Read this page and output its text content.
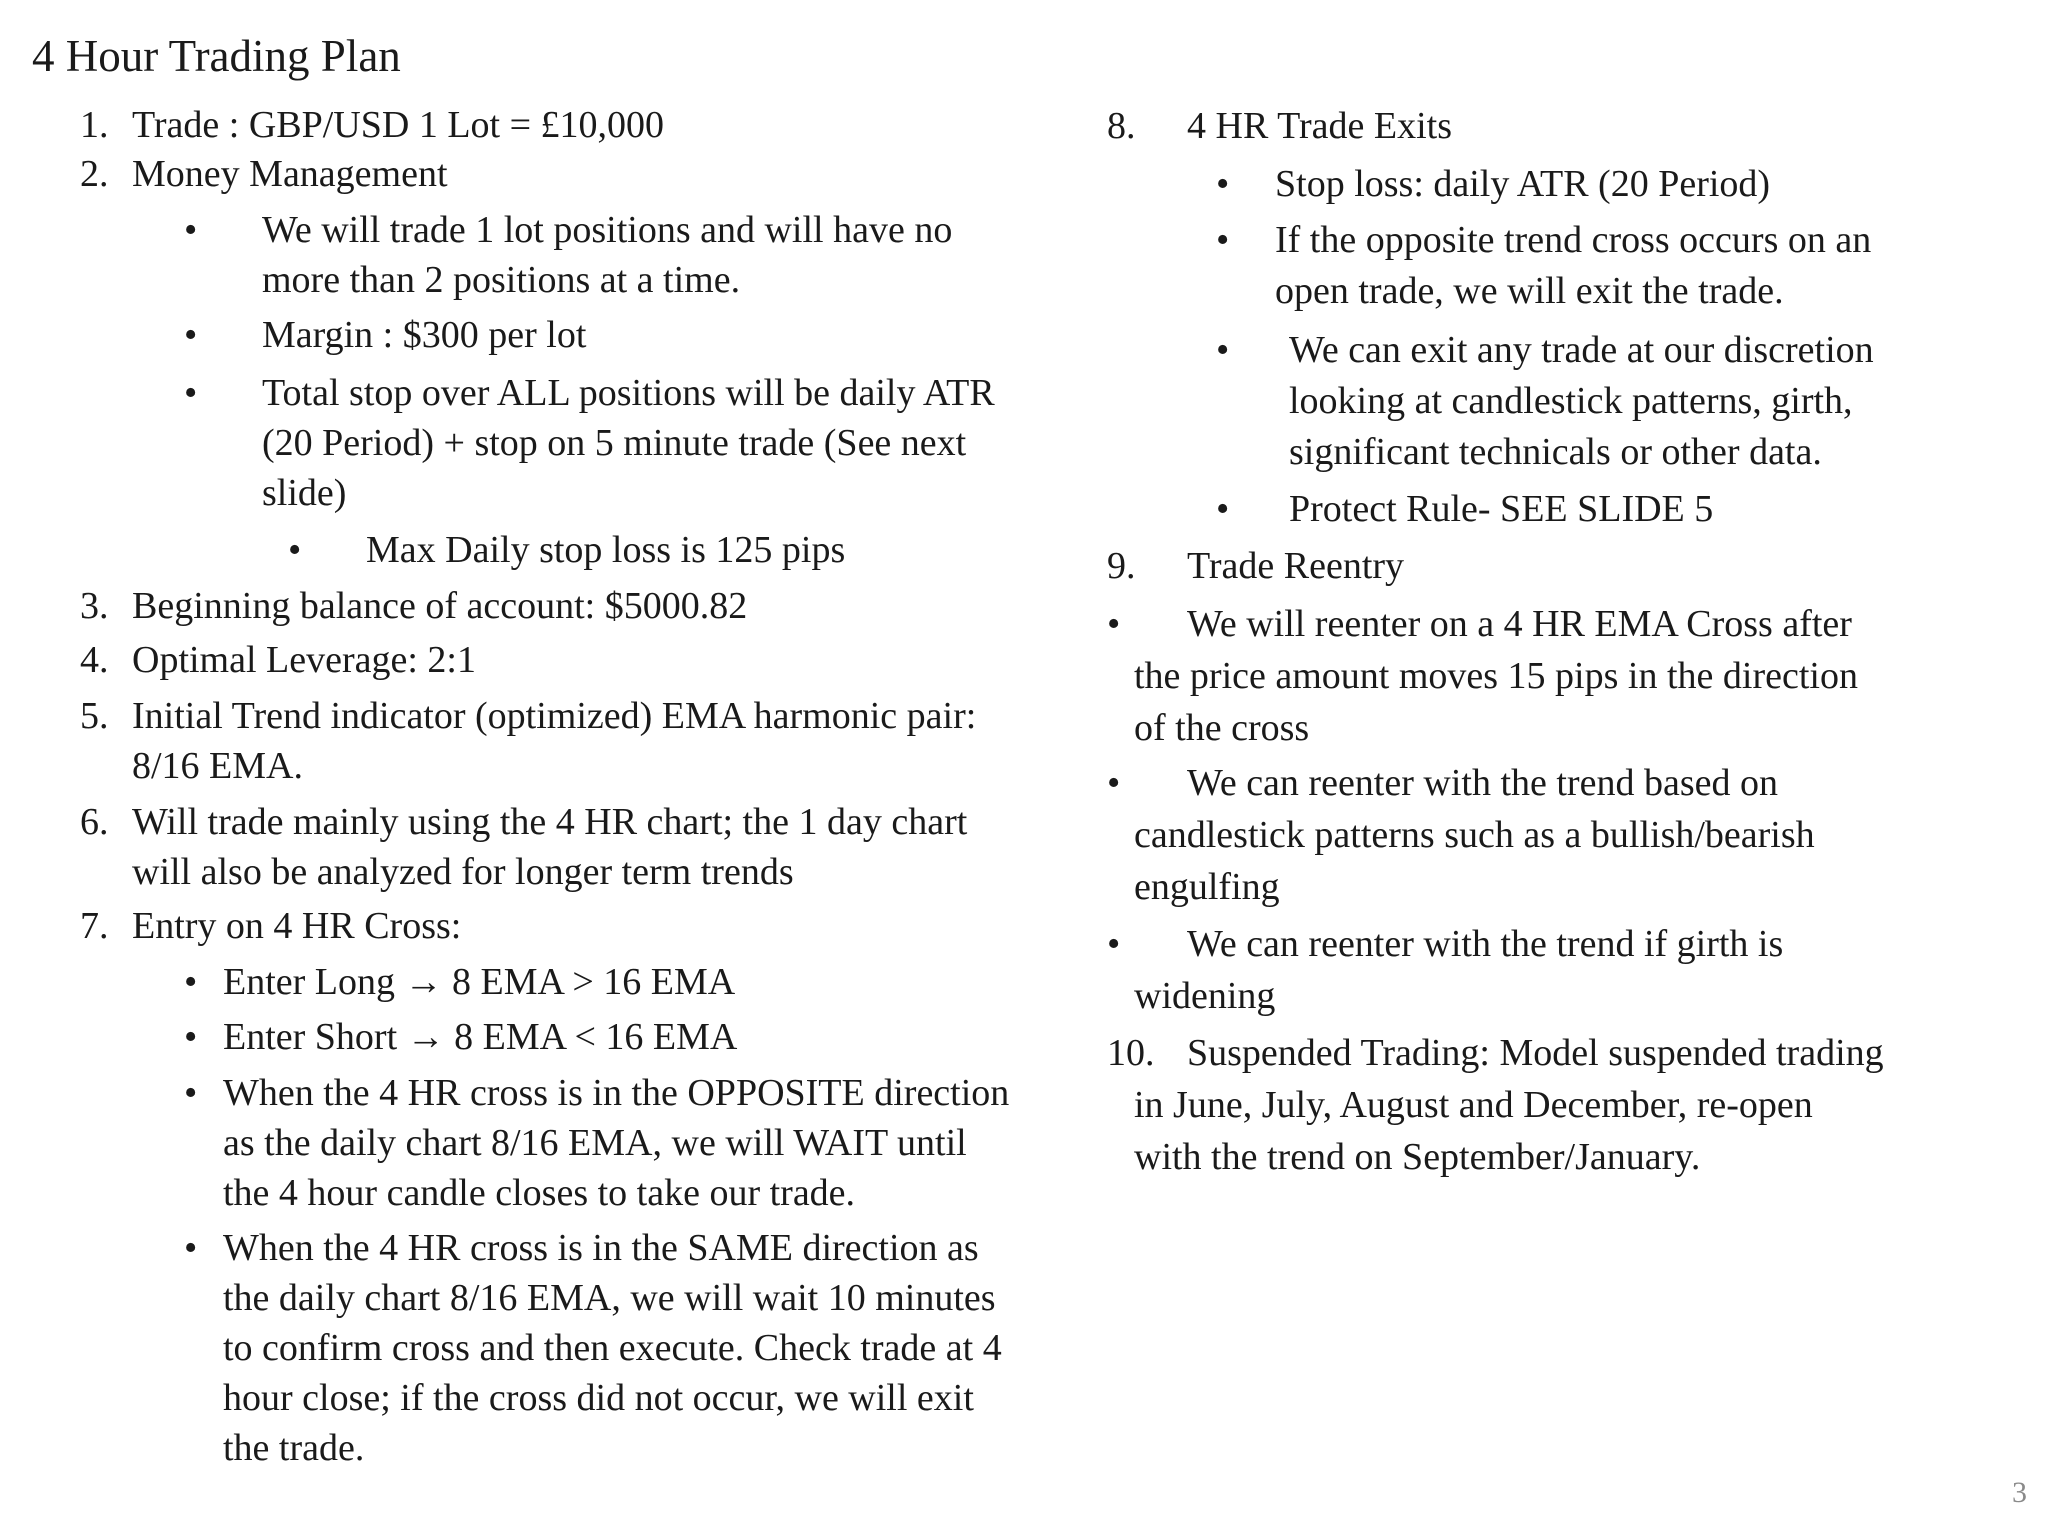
4 Hour Trading Plan
1. Trade : GBP/USD 1 Lot = £10,000
2. Money Management
• We will trade 1 lot positions and will have no
more than 2 positions at a time.
• Margin : $300 per lot
• Total stop over ALL positions will be daily ATR
(20 Period) + stop on 5 minute trade (See next
slide)
• Max Daily stop loss is 125 pips
3. Beginning balance of account: $5000.82
4. Optimal Leverage: 2:1
5. Initial Trend indicator (optimized) EMA harmonic pair:
8/16 EMA.
6. Will trade mainly using the 4 HR chart; the 1 day chart
will also be analyzed for longer term trends
7. Entry on 4 HR Cross:
• Enter Long → 8 EMA > 16 EMA
• Enter Short → 8 EMA < 16 EMA
• When the 4 HR cross is in the OPPOSITE direction
as the daily chart 8/16 EMA, we will WAIT until
the 4 hour candle closes to take our trade.
• When the 4 HR cross is in the SAME direction as
the daily chart 8/16 EMA, we will wait 10 minutes
to confirm cross and then execute. Check trade at 4
hour close; if the cross did not occur, we will exit
the trade.
8. 4 HR Trade Exits
• Stop loss: daily ATR (20 Period)
• If the opposite trend cross occurs on an
open trade, we will exit the trade.
• We can exit any trade at our discretion
looking at candlestick patterns, girth,
significant technicals or other data.
• Protect Rule- SEE SLIDE 5
9. Trade Reentry
• We will reenter on a 4 HR EMA Cross after
the price amount moves 15 pips in the direction
of the cross
• We can reenter with the trend based on
candlestick patterns such as a bullish/bearish
engulfing
• We can reenter with the trend if girth is
widening
10. Suspended Trading: Model suspended trading
in June, July, August and December, re-open
with the trend on September/January.
3
